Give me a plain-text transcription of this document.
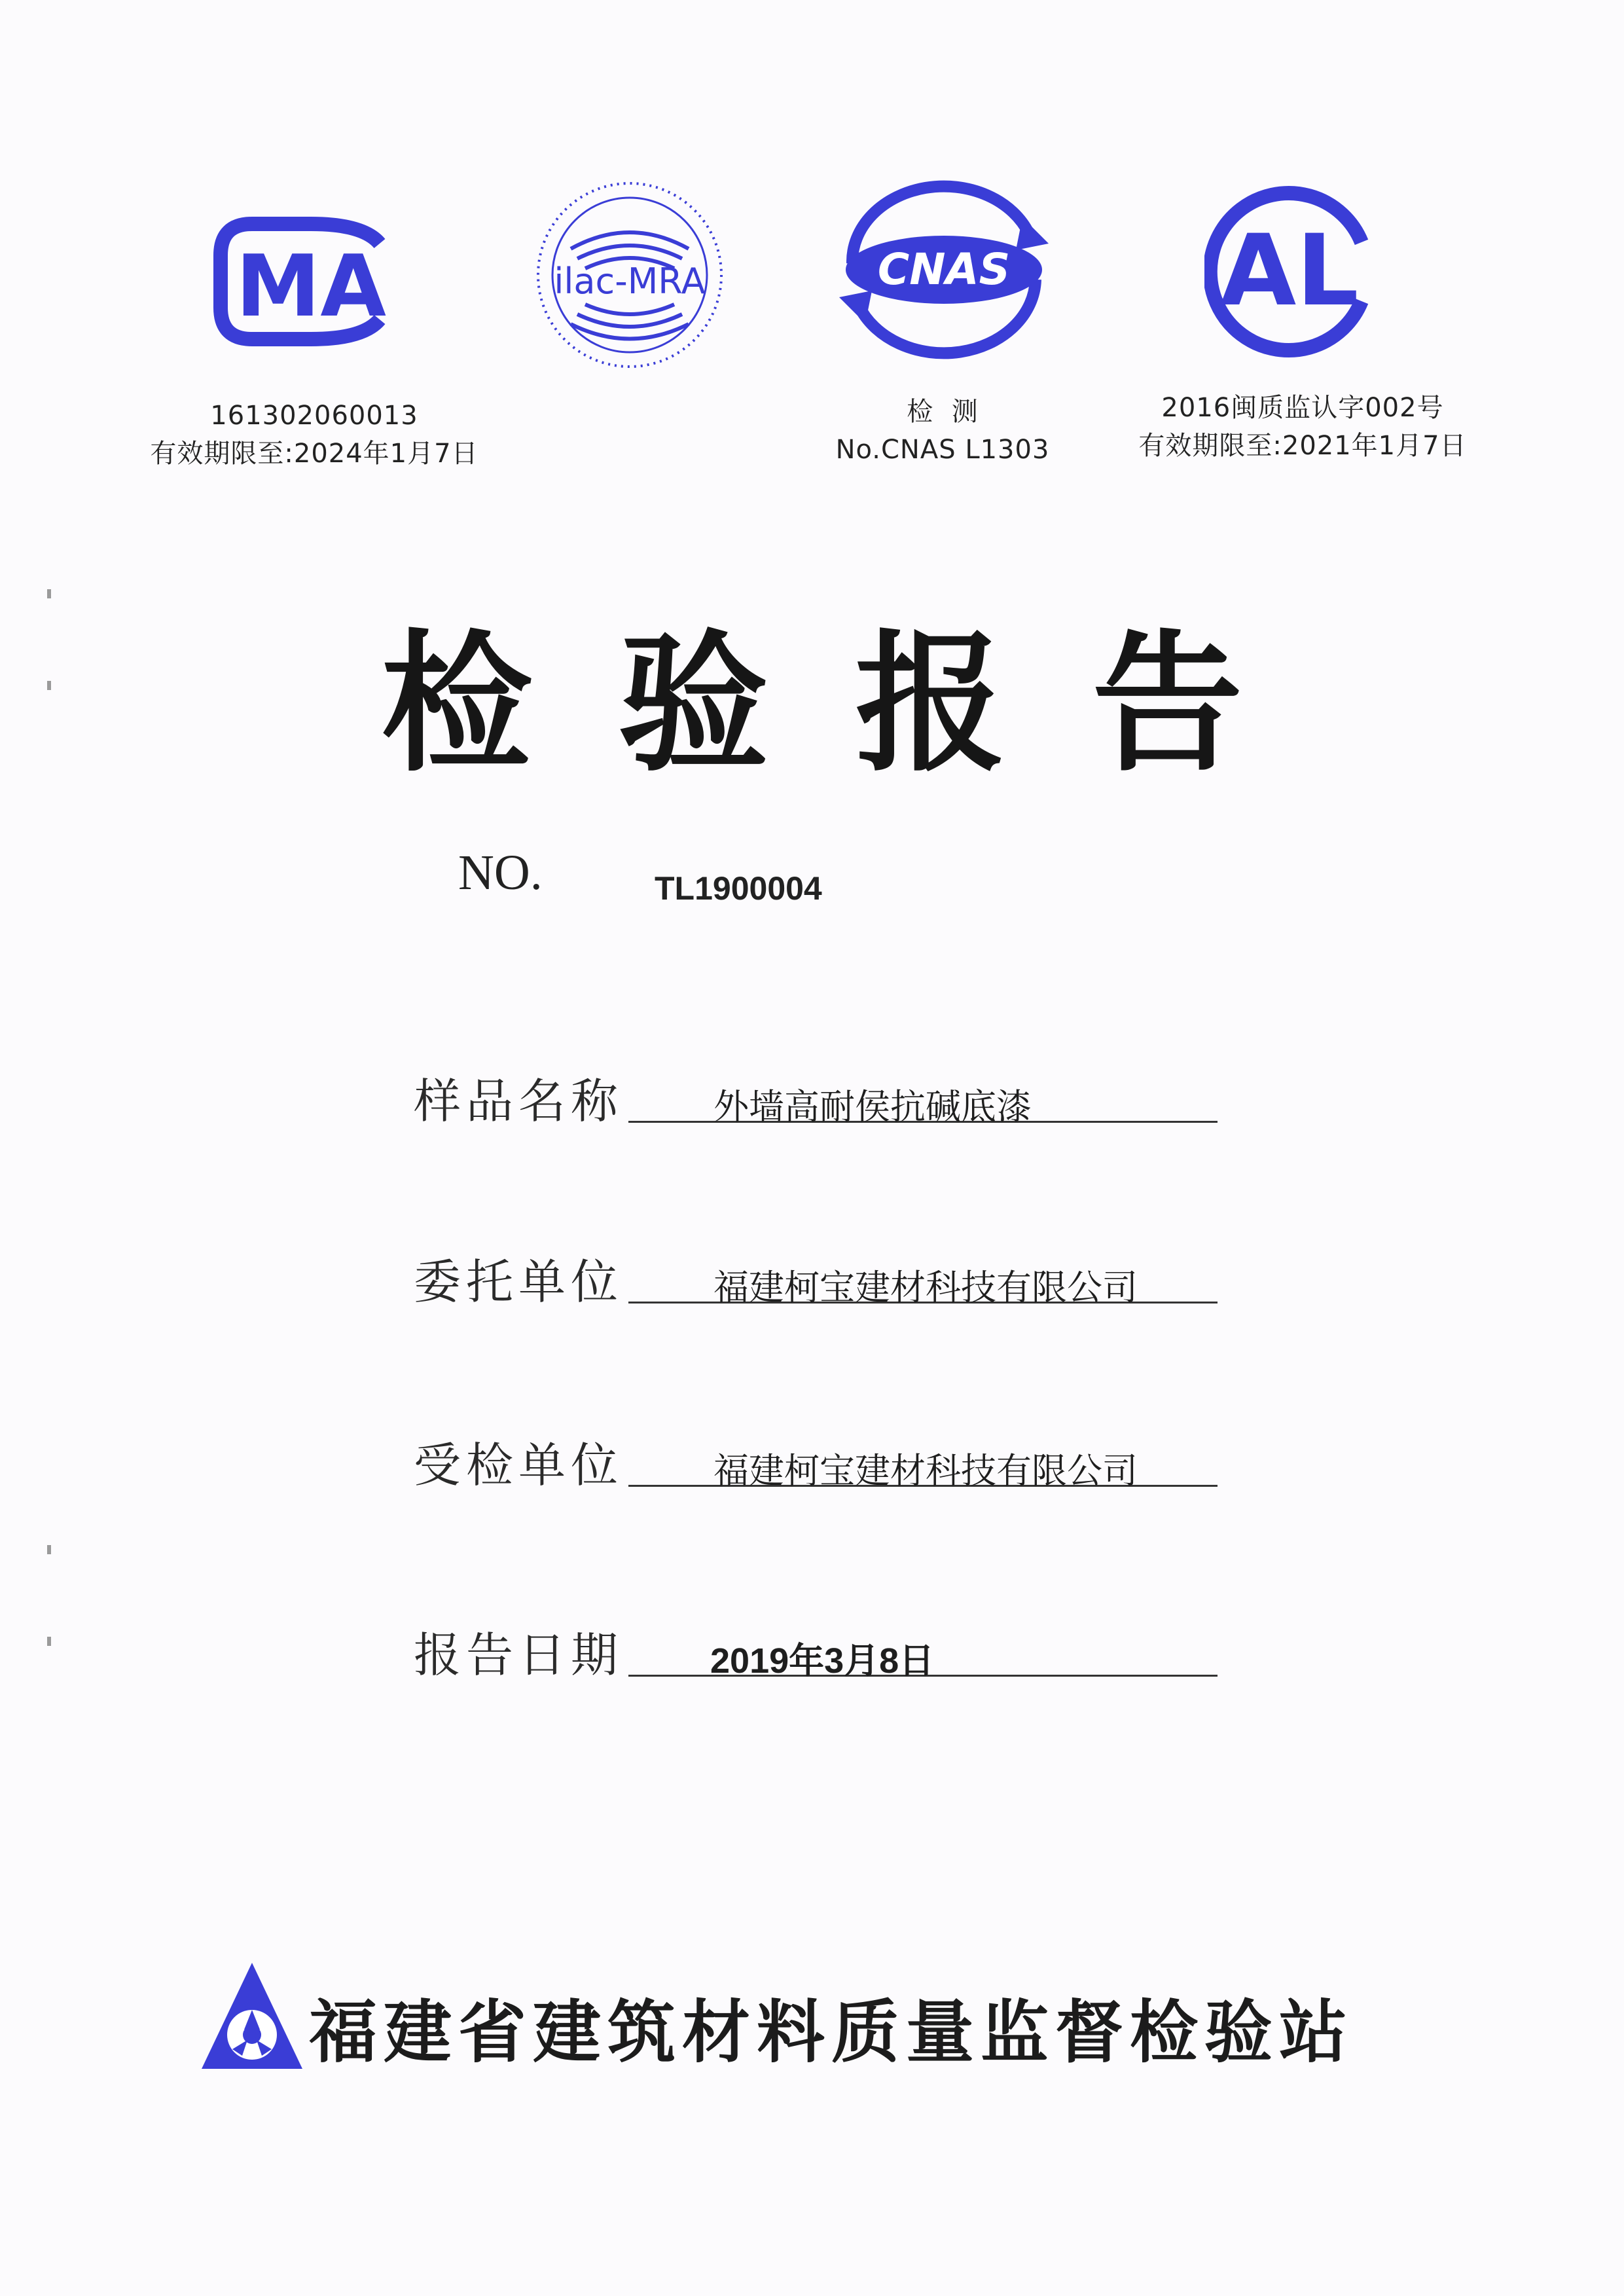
MA	ilac-MRA	CNAS AL
161302060013
有效期限至:2024年1月7日
检  测
No.CNAS L1303
2016闽质监认字002号
有效期限至:2021年1月7日
检 验 报 告
NO.	TL1900004
样品名称	外墙高耐侯抗碱底漆
委托单位	福建柯宝建材科技有限公司
受检单位	福建柯宝建材科技有限公司
报告日期 2019年3月8日
福建省建筑材料质量监督检验站
